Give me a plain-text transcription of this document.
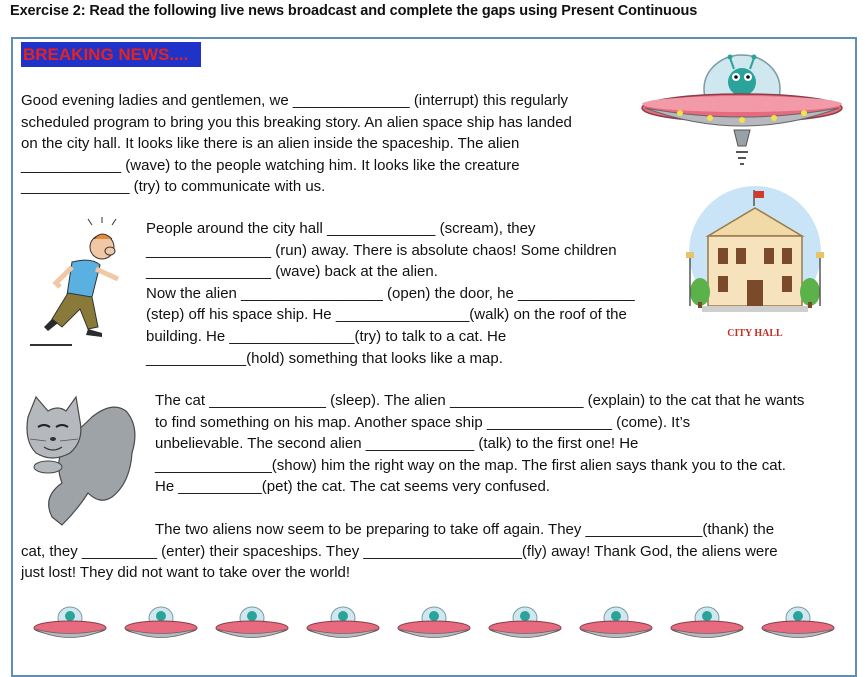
Exercise 2: Read the following live news broadcast and complete the gaps using Present Continuous
BREAKING NEWS....
Good evening ladies and gentlemen, we ______________ (interrupt) this regularly
scheduled program to bring you this breaking story. An alien space ship has landed
on the city hall. It looks like there is an alien inside the spaceship. The alien
____________ (wave) to the people watching him. It looks like the creature
_____________ (try) to communicate with us.
People around the city hall _____________ (scream), they
_______________ (run) away. There is absolute chaos! Some children
_______________ (wave) back at the alien.
Now the alien _________________ (open) the door, he ______________
(step) off his space ship. He ________________(walk) on the roof of the
building. He _______________(try) to talk to a cat. He
____________(hold) something that looks like a map.
The cat ______________ (sleep). The alien ________________ (explain) to the cat that he wants
to find something on his map. Another space ship _______________ (come). It’s
unbelievable. The second alien _____________ (talk) to the first one! He
______________(show) him the right way on the map. The first alien says thank you to the cat.
He __________(pet) the cat. The cat seems very confused.
The two aliens now seem to be preparing to take off again. They ______________(thank) the
cat, they _________ (enter) their spaceships. They ___________________(fly) away! Thank God, the aliens were
just lost! They did not want to take over the world!
CITY HALL
